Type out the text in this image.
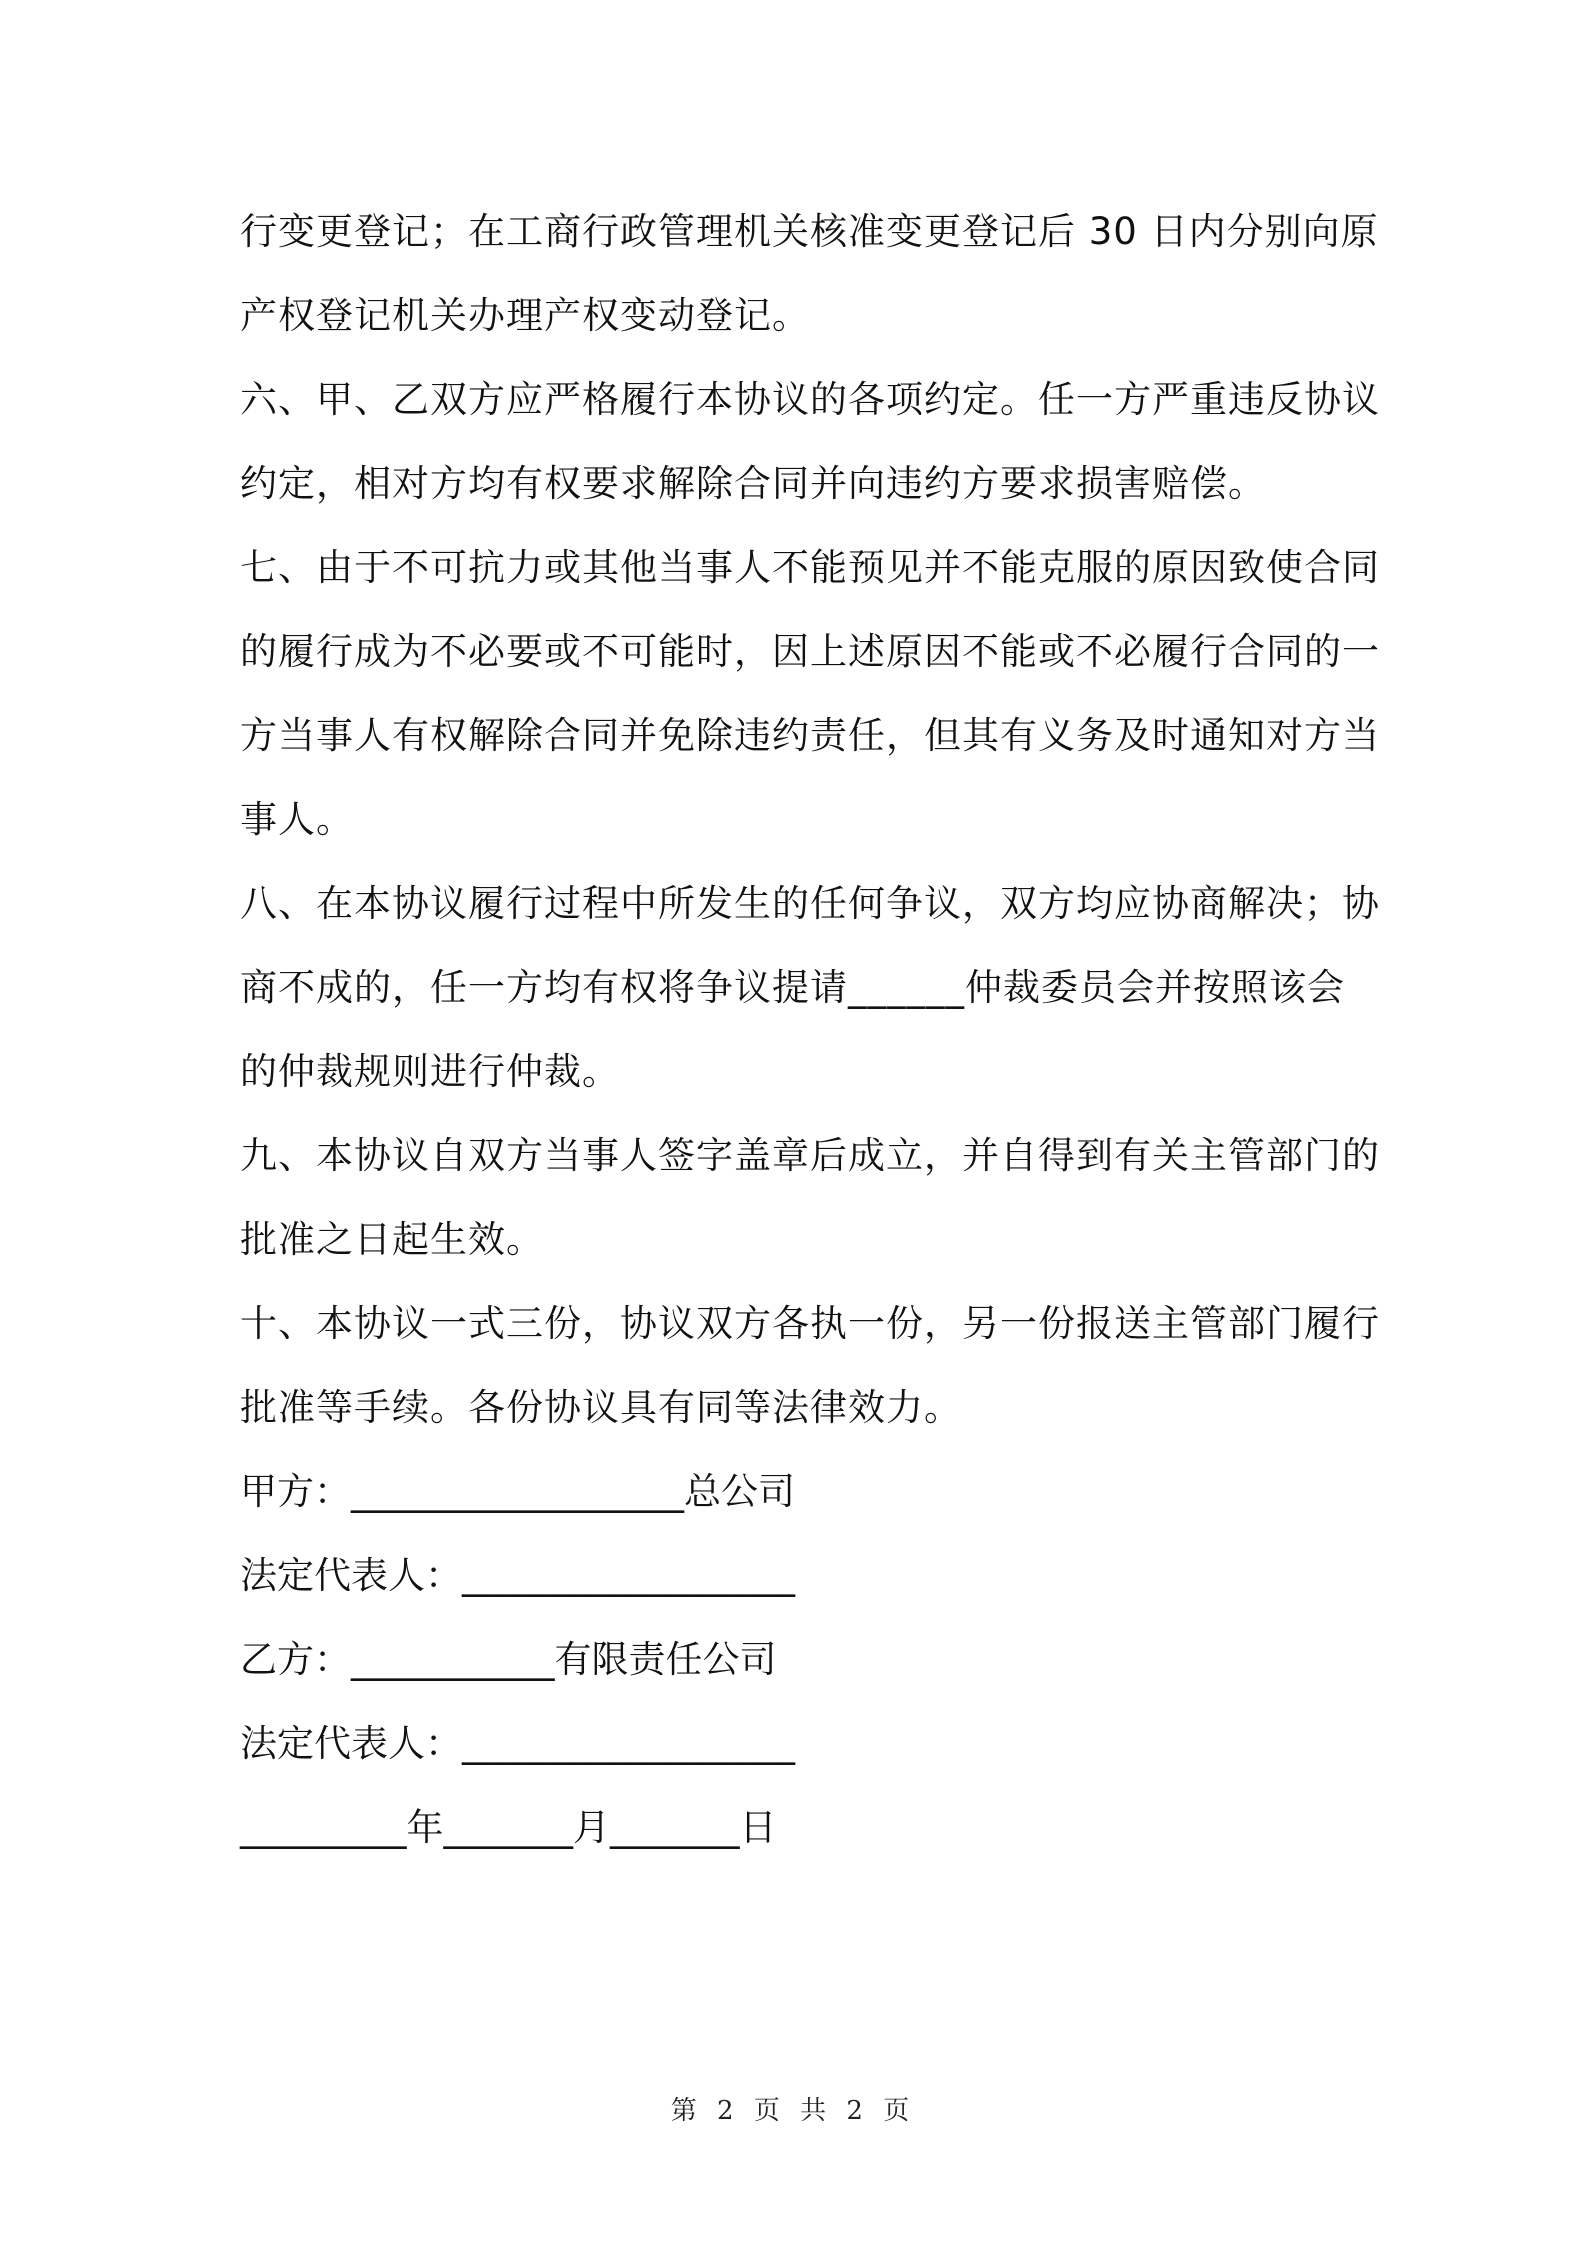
行变更登记；在工商行政管理机关核准变更登记后 30 日内分别向原
产权登记机关办理产权变动登记。
六、甲、乙双方应严格履行本协议的各项约定。任一方严重违反协议
约定，相对方均有权要求解除合同并向违约方要求损害赔偿。
七、由于不可抗力或其他当事人不能预见并不能克服的原因致使合同
的履行成为不必要或不可能时，因上述原因不能或不必履行合同的一
方当事人有权解除合同并免除违约责任，但其有义务及时通知对方当
事人。
八、在本协议履行过程中所发生的任何争议，双方均应协商解决；协
商不成的，任一方均有权将争议提请______仲裁委员会并按照该会
的仲裁规则进行仲裁。
九、本协议自双方当事人签字盖章后成立，并自得到有关主管部门的
批准之日起生效。
十、本协议一式三份，协议双方各执一份，另一份报送主管部门履行
批准等手续。各份协议具有同等法律效力。
甲方：__________________总公司
法定代表人：__________________
乙方：___________有限责任公司
法定代表人：__________________
_________年_______月_______日
第 2 页 共 2 页
